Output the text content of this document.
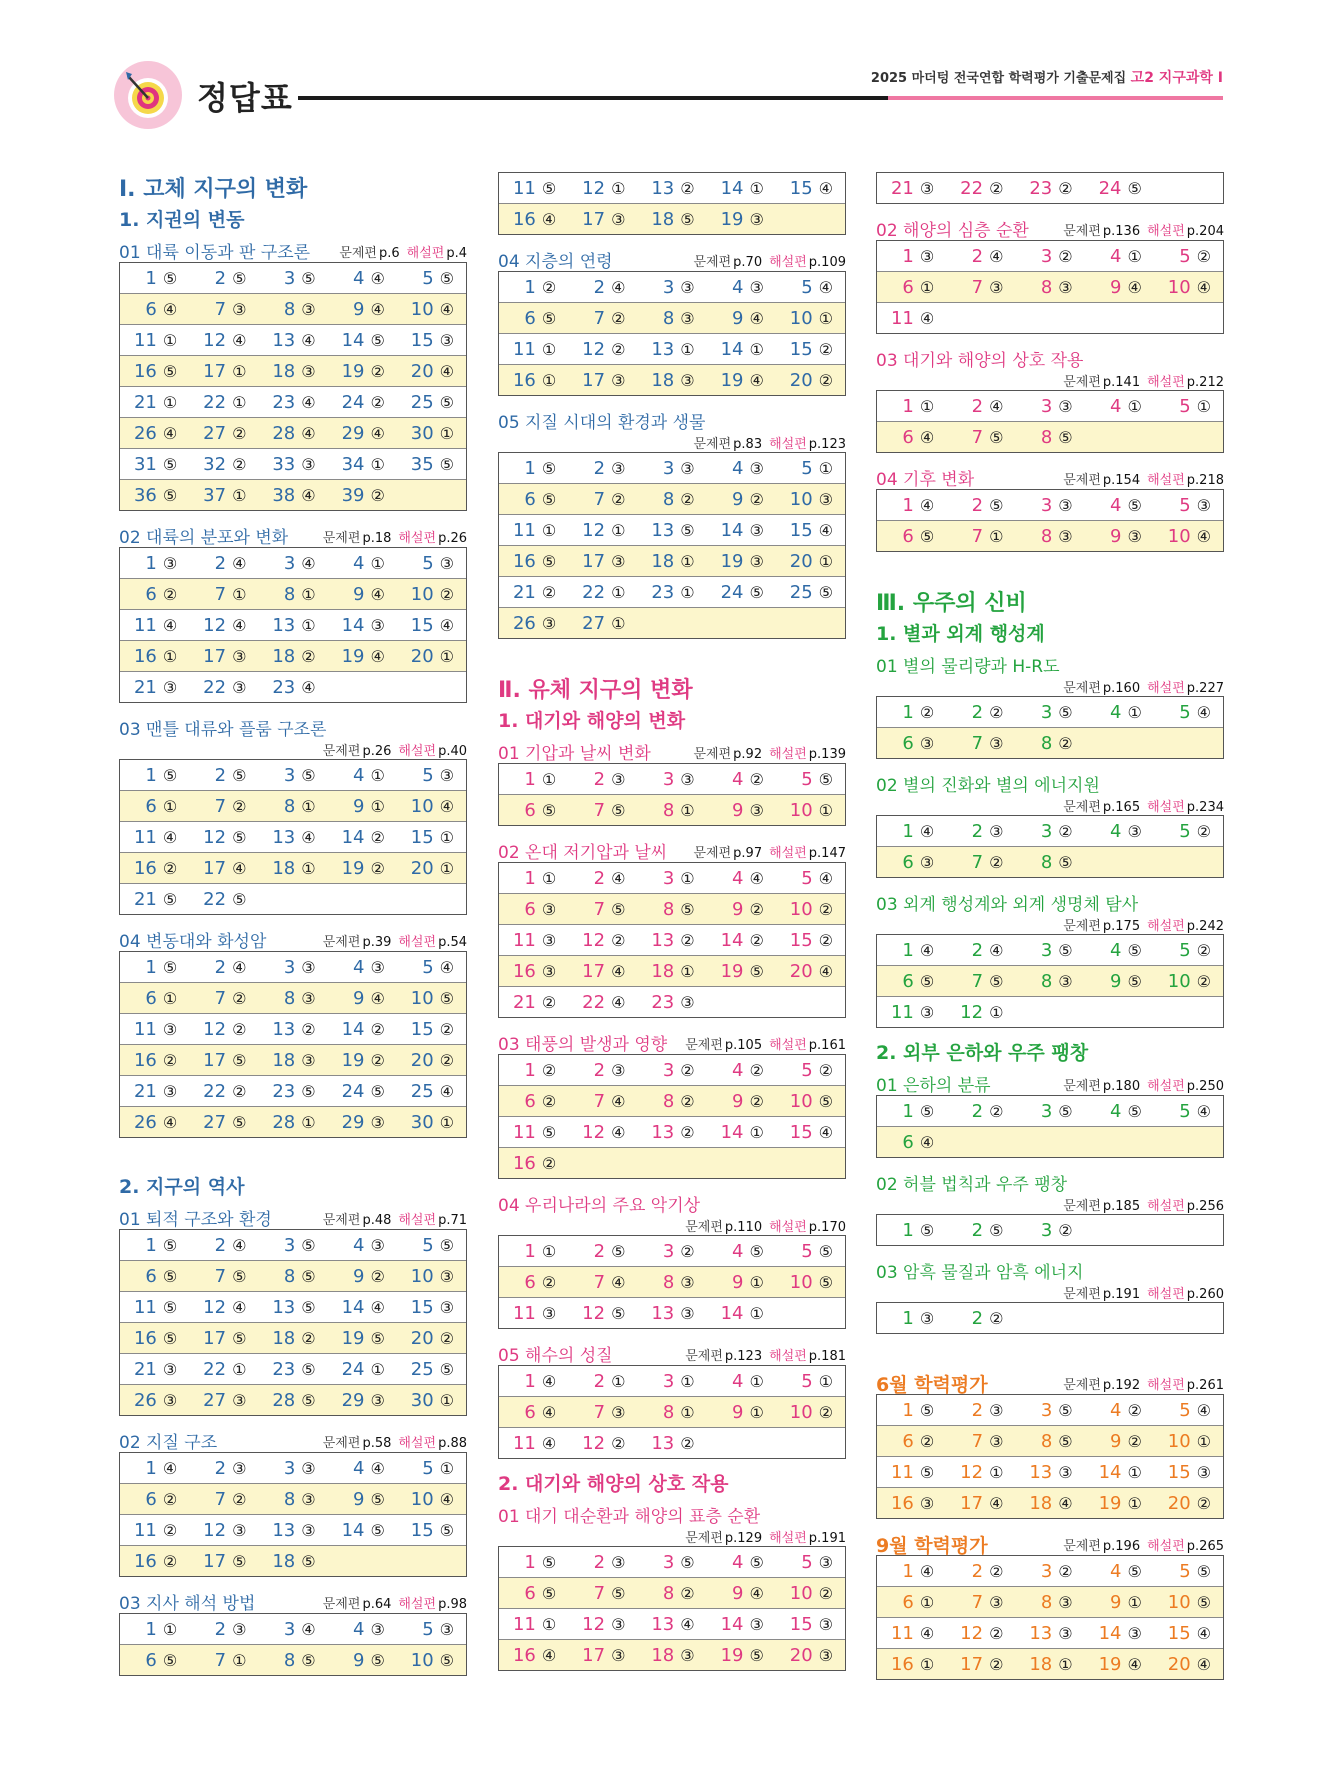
정답표
2025 마더텅 전국연합 학력평가 기출문제집 고2 지구과학 Ⅰ
Ⅰ. 고체 지구의 변화
1. 지권의 변동
01 대륙 이동과 판 구조론 문제편 p.6 해설편 p.4
1 ⑤ 2 ⑤ 3 ⑤ 4 ④ 5 ⑤
6 ④ 7 ③ 8 ③ 9 ④ 10 ④
11 ① 12 ④ 13 ④ 14 ⑤ 15 ③
16 ⑤ 17 ① 18 ③ 19 ② 20 ④
21 ① 22 ① 23 ④ 24 ② 25 ⑤
26 ④ 27 ② 28 ④ 29 ④ 30 ①
31 ⑤ 32 ② 33 ③ 34 ① 35 ⑤
36 ⑤ 37 ① 38 ④ 39 ②
02 대륙의 분포와 변화	문제편 p.18 해설편 p.26
1 ③ 2 ④ 3 ④ 4 ① 5 ③
6 ② 7 ① 8 ① 9 ④ 10 ②
11 ④ 12 ④ 13 ① 14 ③ 15 ④
16 ① 17 ③ 18 ② 19 ④ 20 ①
21 ③ 22 ③ 23 ④
03 맨틀 대류와 플룸 구조론
문제편 p.26 해설편 p.40
1 ⑤ 2 ⑤ 3 ⑤ 4 ① 5 ③
6 ① 7 ② 8 ① 9 ① 10 ④
11 ④ 12 ⑤ 13 ④ 14 ② 15 ①
16 ② 17 ④ 18 ① 19 ② 20 ①
21 ⑤ 22 ⑤
04 변동대와 화성암	문제편 p.39 해설편 p.54
1 ⑤ 2 ④ 3 ③ 4 ③ 5 ④
6 ① 7 ② 8 ③ 9 ④ 10 ⑤
11 ③ 12 ② 13 ② 14 ② 15 ②
16 ② 17 ⑤ 18 ③ 19 ② 20 ②
21 ③ 22 ② 23 ⑤ 24 ⑤ 25 ④
26 ④ 27 ⑤ 28 ① 29 ③ 30 ①
2. 지구의 역사
01 퇴적 구조와 환경	문제편 p.48 해설편 p.71
1 ⑤ 2 ④ 3 ⑤ 4 ③ 5 ⑤
6 ⑤ 7 ⑤ 8 ⑤ 9 ② 10 ③
11 ⑤ 12 ④ 13 ⑤ 14 ④ 15 ③
16 ⑤ 17 ⑤ 18 ② 19 ⑤ 20 ②
21 ③ 22 ① 23 ⑤ 24 ① 25 ⑤
26 ③ 27 ③ 28 ⑤ 29 ③ 30 ①
02 지질 구조	문제편 p.58 해설편 p.88
1 ④ 2 ③ 3 ③ 4 ④ 5 ①
6 ② 7 ② 8 ③ 9 ⑤ 10 ④
11 ② 12 ③ 13 ③ 14 ⑤ 15 ⑤
16 ② 17 ⑤ 18 ⑤
03 지사 해석 방법	문제편 p.64 해설편 p.98
1 ① 2 ③ 3 ④ 4 ③ 5 ③
6 ⑤ 7 ① 8 ⑤ 9 ⑤ 10 ⑤
11 ⑤ 12 ① 13 ② 14 ① 15 ④
16 ④ 17 ③ 18 ⑤ 19 ③
04 지층의 연령	문제편 p.70 해설편 p.109
1 ② 2 ④ 3 ③ 4 ③ 5 ④
6 ⑤ 7 ② 8 ③ 9 ④ 10 ①
11 ① 12 ② 13 ① 14 ① 15 ②
16 ① 17 ③ 18 ③ 19 ④ 20 ②
05 지질 시대의 환경과 생물
문제편 p.83 해설편 p.123
1 ⑤ 2 ③ 3 ③ 4 ③ 5 ①
6 ⑤ 7 ② 8 ② 9 ② 10 ③
11 ① 12 ① 13 ⑤ 14 ③ 15 ④
16 ⑤ 17 ③ 18 ① 19 ③ 20 ①
21 ② 22 ① 23 ① 24 ⑤ 25 ⑤
26 ③ 27 ①
Ⅱ. 유체 지구의 변화
1. 대기와 해양의 변화
01 기압과 날씨 변화	문제편 p.92 해설편 p.139
1 ① 2 ③ 3 ③ 4 ② 5 ⑤
6 ⑤ 7 ⑤ 8 ① 9 ③ 10 ①
02 온대 저기압과 날씨 문제편 p.97 해설편 p.147
1 ① 2 ④ 3 ① 4 ④ 5 ④
6 ③ 7 ⑤ 8 ⑤ 9 ② 10 ②
11 ③ 12 ② 13 ② 14 ② 15 ②
16 ③ 17 ④ 18 ① 19 ⑤ 20 ④
21 ② 22 ④ 23 ③
03 태풍의 발생과 영향 문제편 p.105 해설편 p.161
1 ② 2 ③ 3 ② 4 ② 5 ②
6 ② 7 ④ 8 ② 9 ② 10 ⑤
11 ⑤ 12 ④ 13 ② 14 ① 15 ④
16 ②
04 우리나라의 주요 악기상
문제편 p.110 해설편 p.170
1 ① 2 ⑤ 3 ② 4 ⑤ 5 ⑤
6 ② 7 ④ 8 ③ 9 ① 10 ⑤
11 ③ 12 ⑤ 13 ③ 14 ①
05 해수의 성질	문제편 p.123 해설편 p.181
1 ④ 2 ① 3 ① 4 ① 5 ①
6 ④ 7 ③ 8 ① 9 ① 10 ②
11 ④ 12 ② 13 ②
2. 대기와 해양의 상호 작용
01 대기 대순환과 해양의 표층 순환
문제편 p.129 해설편 p.191
1 ⑤ 2 ③ 3 ⑤ 4 ⑤ 5 ③
6 ⑤ 7 ⑤ 8 ② 9 ④ 10 ②
11 ① 12 ③ 13 ④ 14 ③ 15 ③
16 ④ 17 ③ 18 ③ 19 ⑤ 20 ③
21 ③ 22 ② 23 ② 24 ⑤
02 해양의 심층 순환	문제편 p.136 해설편 p.204
1 ③ 2 ④ 3 ② 4 ① 5 ②
6 ① 7 ③ 8 ③ 9 ④ 10 ④
11 ④
03 대기와 해양의 상호 작용
문제편 p.141 해설편 p.212
1 ① 2 ④ 3 ③ 4 ① 5 ①
6 ④ 7 ⑤ 8 ⑤
04 기후 변화	문제편 p.154 해설편 p.218
1 ④ 2 ⑤ 3 ③ 4 ⑤ 5 ③
6 ⑤ 7 ① 8 ③ 9 ③ 10 ④
Ⅲ. 우주의 신비
1. 별과 외계 행성계
01 별의 물리량과 H-R도
문제편 p.160 해설편 p.227
1 ② 2 ② 3 ⑤ 4 ① 5 ④
6 ③ 7 ③ 8 ②
02 별의 진화와 별의 에너지원
문제편 p.165 해설편 p.234
1 ④ 2 ③ 3 ② 4 ③ 5 ②
6 ③ 7 ② 8 ⑤
03 외계 행성계와 외계 생명체 탐사
문제편 p.175 해설편 p.242
1 ④ 2 ④ 3 ⑤ 4 ⑤ 5 ②
6 ⑤ 7 ⑤ 8 ③ 9 ⑤ 10 ②
11 ③ 12 ①
2. 외부 은하와 우주 팽창
01 은하의 분류	문제편 p.180 해설편 p.250
1 ⑤ 2 ② 3 ⑤ 4 ⑤ 5 ④
6 ④
02 허블 법칙과 우주 팽창
문제편 p.185 해설편 p.256
1 ⑤ 2 ⑤ 3 ②
03 암흑 물질과 암흑 에너지
문제편 p.191 해설편 p.260
1 ③ 2 ②
6월 학력평가	문제편 p.192 해설편 p.261
1 ⑤ 2 ③ 3 ⑤ 4 ② 5 ④
6 ② 7 ③ 8 ⑤ 9 ② 10 ①
11 ⑤ 12 ① 13 ③ 14 ① 15 ③
16 ③ 17 ④ 18 ④ 19 ① 20 ②
9월 학력평가	문제편 p.196 해설편 p.265
1 ④ 2 ② 3 ② 4 ⑤ 5 ⑤
6 ① 7 ③ 8 ③ 9 ① 10 ⑤
11 ④ 12 ② 13 ③ 14 ③ 15 ④
16 ① 17 ② 18 ① 19 ④ 20 ④
